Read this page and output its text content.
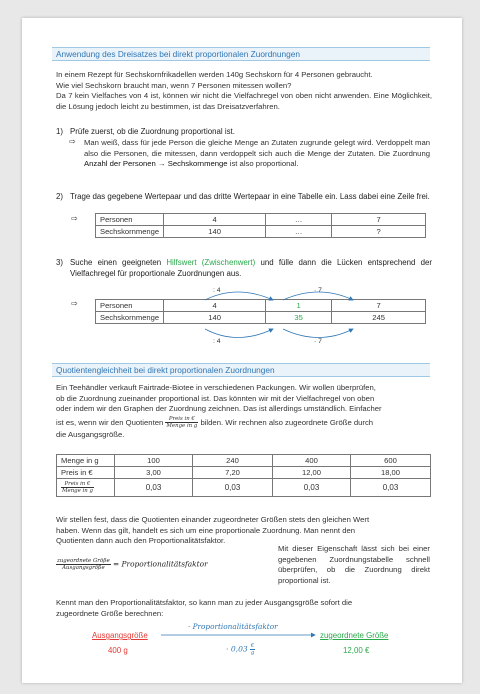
Anwendung des Dreisatzes bei direkt proportionalen Zuordnungen
In einem Rezept für Sechskornfrikadellen werden 140g Sechskorn für 4 Personen gebraucht.
Wie viel Sechskorn braucht man, wenn 7 Personen mitessen wollen?
Da 7 kein Vielfaches von 4 ist, können wir nicht die Vielfachregel von oben nicht anwenden. Eine Möglichkeit, die Lösung jedoch leicht zu bestimmen, ist das Dreisatzverfahren.
1) Prüfe zuerst, ob die Zuordnung proportional ist.
⇨ Man weiß, dass für jede Person die gleiche Menge an Zutaten zugrunde gelegt wird. Verdoppelt man also die Personen, die mitessen, dann verdoppelt sich auch die Menge der Zutaten. Die Zuordnung Anzahl der Personen → Sechskornmenge ist also proportional.
2) Trage das gegebene Wertepaar und das dritte Wertepaar in eine Tabelle ein. Lass dabei eine Zeile frei.
⇨	Personen	4	…	7
Sechskornmenge	140	…	?
3) Suche einen geeigneten Hilfswert (Zwischenwert) und fülle dann die Lücken entsprechend der Vielfachregel für proportionale Zuordnungen aus.
⇨
: 4	· 7
Personen	4	1	7
Sechskornmenge	140	35	245
: 4	· 7
Quotientengleichheit bei direkt proportionalen Zuordnungen
Ein Teehändler verkauft Fairtrade-Biotee in verschiedenen Packungen. Wir wollen überprüfen,
ob die Zuordnung zueinander proportional ist. Das könnten wir mit der Vielfachregel von oben
oder indem wir den Graphen der Zuordnung zeichnen. Das ist allerdings umständlich. Einfacher
ist es, wenn wir den Quotienten $\frac{\text{Preis in €}}{\text{Menge in g}}$ bilden. Wir rechnen also zugeordnete Größe durch
die Ausgangsgröße.
Menge in g	100	240	400	600
Preis in €	3,00	7,20	12,00	18,00

$\frac{\text{Preis in €}}{\text{Menge in g}}$	0,03	0,03	0,03	0,03
Wir stellen fest, dass die Quotienten einander zugeordneter Größen stets den gleichen Wert
haben. Wenn das gilt, handelt es sich um eine proportionale Zuordnung. Man nennt den
Quotienten dann auch den Proportionalitätsfaktor.
$\frac{\text{zugeordnete Größe}}{\text{Ausgangsgröße}}$ = Proportionalitätsfaktor
Mit dieser Eigenschaft lässt sich bei einer gegebenen Zuordnungstabelle schnell überprüfen, ob die Zuordnung direkt proportional ist.
Kennt man den Proportionalitätsfaktor, so kann man zu jeder Ausgangsgröße sofort die
zugeordnete Größe berechnen:
Ausgangsgröße
400 g
· Proportionalitätsfaktor
· $0,03 \frac{€}{g}$
zugeordnete Größe
12,00 €
